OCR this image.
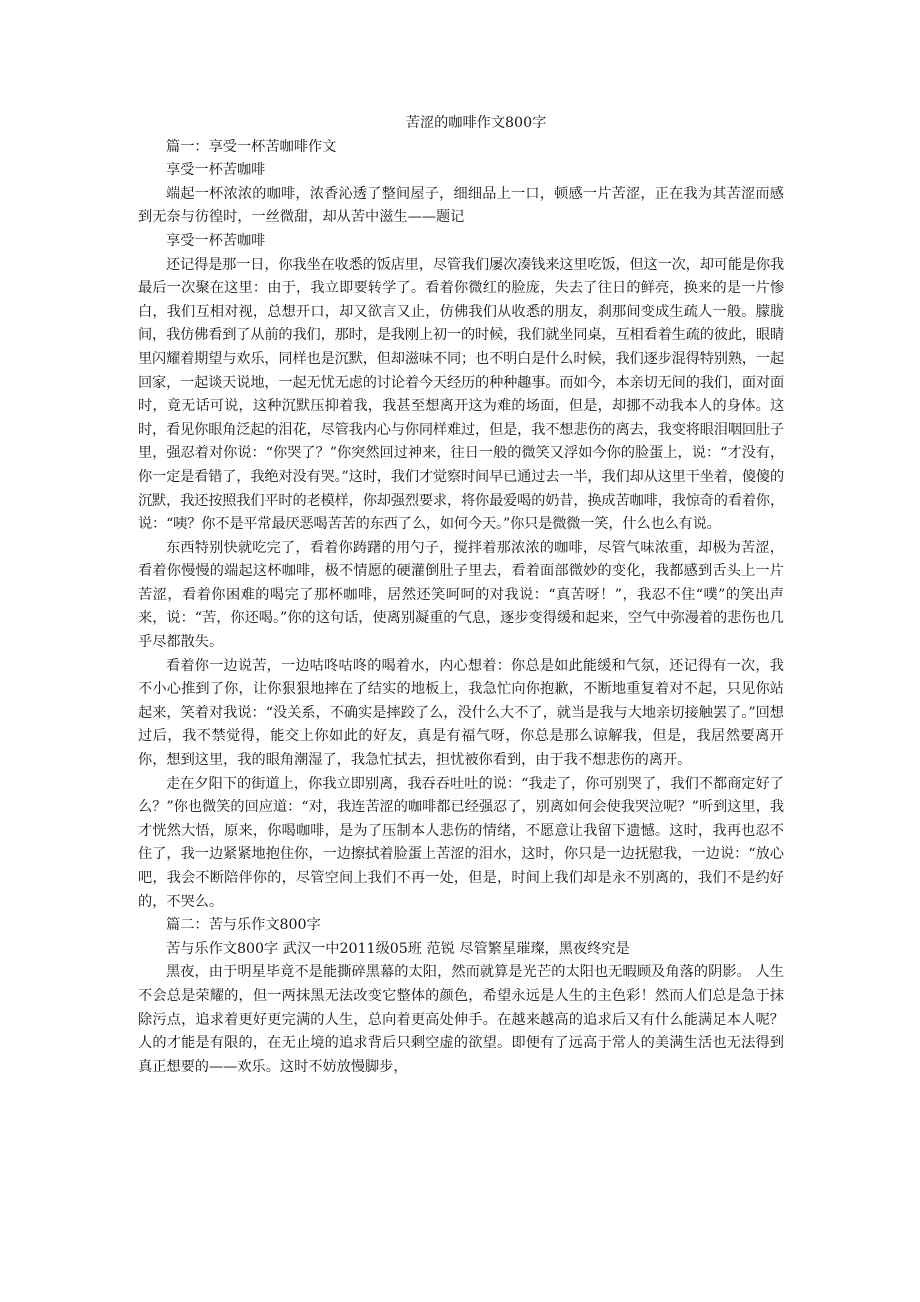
苦涩的咖啡作文800字

篇一：享受一杯苦咖啡作文

享受一杯苦咖啡

端起一杯浓浓的咖啡，浓香沁透了整间屋子，细细品上一口，顿感一片苦涩，正在我为其苦涩而感到无奈与彷徨时，一丝微甜，却从苦中滋生——题记

享受一杯苦咖啡

还记得是那一日，你我坐在收悉的饭店里，尽管我们屡次凑钱来这里吃饭，但这一次，却可能是你我最后一次聚在这里：由于，我立即要转学了。看着你微红的脸庞，失去了往日的鲜亮，换来的是一片惨白，我们互相对视，总想开口，却又欲言又止，仿佛我们从收悉的朋友，刹那间变成生疏人一般。朦胧间，我仿佛看到了从前的我们，那时，是我刚上初一的时候，我们就坐同桌，互相看着生疏的彼此，眼睛里闪耀着期望与欢乐，同样也是沉默，但却滋味不同；也不明白是什么时候，我们逐步混得特别熟，一起回家，一起谈天说地，一起无忧无虑的讨论着今天经历的种种趣事。而如今，本亲切无间的我们，面对面时，竟无话可说，这种沉默压抑着我，我甚至想离开这为难的场面，但是，却挪不动我本人的身体。这时，看见你眼角泛起的泪花，尽管我内心与你同样难过，但是，我不想悲伤的离去，我变将眼泪咽回肚子里，强忍着对你说：“你哭了？”你突然回过神来，往日一般的微笑又浮如今你的脸蛋上，说：“才没有，你一定是看错了，我绝对没有哭。”这时，我们才觉察时间早已通过去一半，我们却从这里干坐着，傻傻的沉默，我还按照我们平时的老模样，你却强烈要求，将你最爱喝的奶昔，换成苦咖啡，我惊奇的看着你，说：“咦？你不是平常最厌恶喝苦苦的东西了么，如何今天。”你只是微微一笑，什么也么有说。

东西特别快就吃完了，看着你踌躇的用勺子，搅拌着那浓浓的咖啡，尽管气味浓重，却极为苦涩，看着你慢慢的端起这杯咖啡，极不情愿的硬灌倒肚子里去，看着面部微妙的变化，我都感到舌头上一片苦涩，看着你困难的喝完了那杯咖啡，居然还笑呵呵的对我说：“真苦呀！”，我忍不住“噗”的笑出声来，说：“苦，你还喝。”你的这句话，使离别凝重的气息，逐步变得缓和起来，空气中弥漫着的悲伤也几乎尽都散失。

看着你一边说苦，一边咕咚咕咚的喝着水，内心想着：你总是如此能缓和气氛，还记得有一次，我不小心推到了你，让你狠狠地摔在了结实的地板上，我急忙向你抱歉，不断地重复着对不起，只见你站起来，笑着对我说：“没关系，不确实是摔跤了么，没什么大不了，就当是我与大地亲切接触罢了。”回想过后，我不禁觉得，能交上你如此的好友，真是有福气呀，你总是那么谅解我，但是，我居然要离开你，想到这里，我的眼角潮湿了，我急忙拭去，担忧被你看到，由于我不想悲伤的离开。

走在夕阳下的街道上，你我立即别离，我吞吞吐吐的说：“我走了，你可别哭了，我们不都商定好了么？”你也微笑的回应道：“对，我连苦涩的咖啡都已经强忍了，别离如何会使我哭泣呢？”听到这里，我才恍然大悟，原来，你喝咖啡，是为了压制本人悲伤的情绪，不愿意让我留下遗憾。这时，我再也忍不住了，我一边紧紧地抱住你，一边擦拭着脸蛋上苦涩的泪水，这时，你只是一边抚慰我，一边说：“放心吧，我会不断陪伴你的，尽管空间上我们不再一处，但是，时间上我们却是永不别离的，我们不是约好的，不哭么。

篇二：苦与乐作文800字

苦与乐作文800字 武汉一中2011级05班 范锐 尽管繁星璀璨，黑夜终究是

黑夜，由于明星毕竟不是能撕碎黑幕的太阳，然而就算是光芒的太阳也无暇顾及角落的阴影。 人生不会总是荣耀的，但一两抹黑无法改变它整体的颜色，希望永远是人生的主色彩！然而人们总是急于抹除污点，追求着更好更完满的人生，总向着更高处伸手。在越来越高的追求后又有什么能满足本人呢？人的才能是有限的，在无止境的追求背后只剩空虚的欲望。即便有了远高于常人的美满生活也无法得到真正想要的——欢乐。这时不妨放慢脚步，
